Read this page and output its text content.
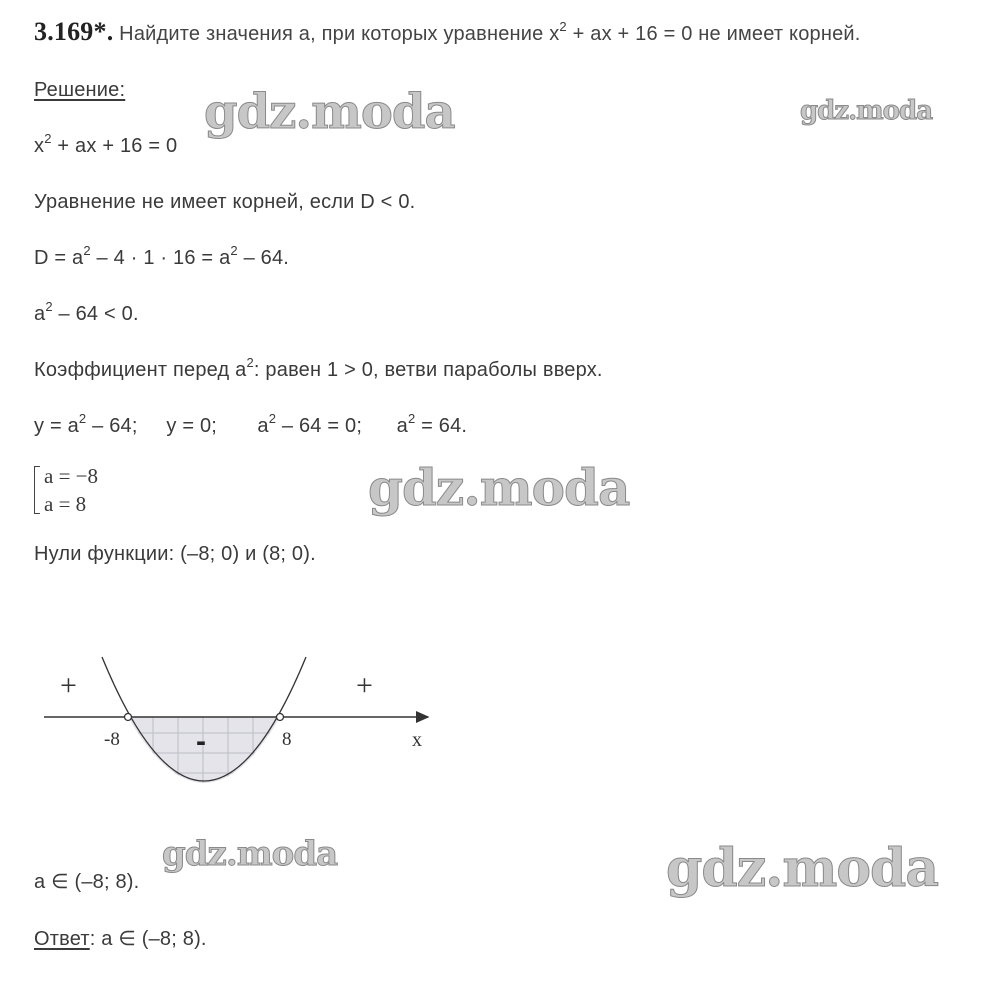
3.169*. Найдите значения а, при которых уравнение $x^2$ + ax + 16 = 0 не имеет корней.
Решение:
$x^2$ + ax + 16 = 0
Уравнение не имеет корней, если D < 0.
$D = a^2 - 4 \cdot 1 \cdot 16 = a^2 - 64$.
$a^2 - 64 < 0$.
Коэффициент перед $a^2$: равен 1 > 0, ветви параболы вверх.
$y = a^2 - 64$;     y = 0;       $a^2 - 64 = 0$;      $a^2 = 64$.
a = −8
a = 8
Нули функции: (–8; 0) и (8; 0).
+	+
-
-8	8	x
a ∈ (–8; 8).
Ответ: a ∈ (–8; 8).
gdz.moda	gdz.moda
gdz.moda
gdz.moda	gdz.moda
